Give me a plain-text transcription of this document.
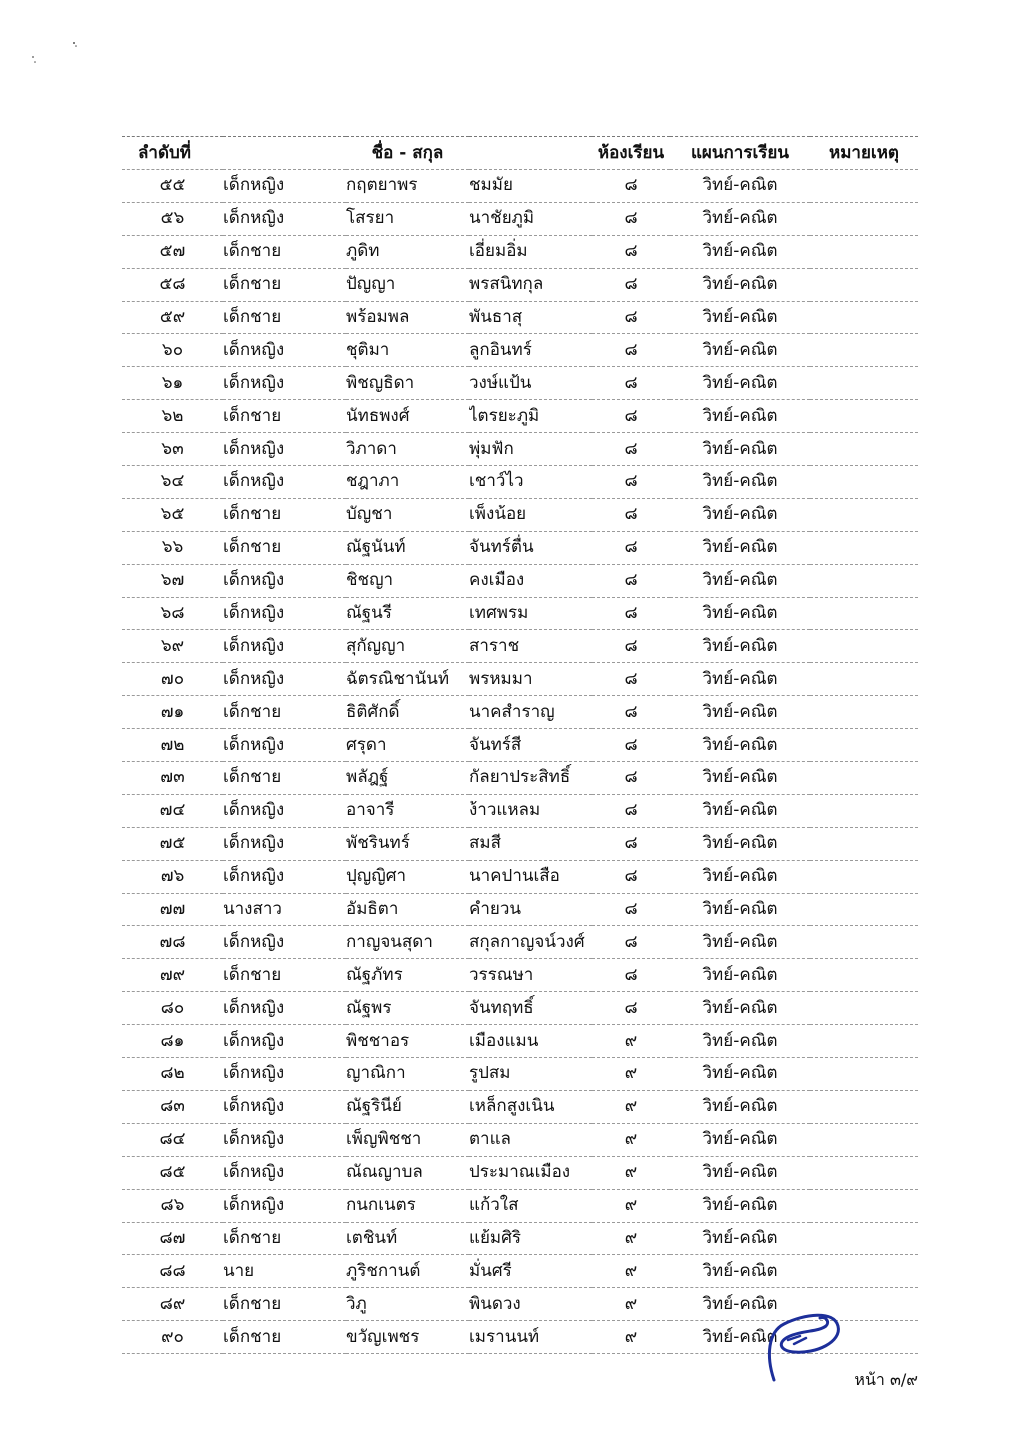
ลำดับที่	ชื่อ - สกุล			ห้องเรียน	แผนการเรียน	หมายเหตุ
๕๕	เด็กหญิง	กฤตยาพร	ชมมัย	๘	วิทย์-คณิต	
๕๖	เด็กหญิง	โสรยา	นาชัยภูมิ	๘	วิทย์-คณิต	
๕๗	เด็กชาย	ภูดิท	เอี่ยมอิ่ม	๘	วิทย์-คณิต	
๕๘	เด็กชาย	ปัญญา	พรสนิทกุล	๘	วิทย์-คณิต	
๕๙	เด็กชาย	พร้อมพล	พันธาสุ	๘	วิทย์-คณิต	
๖๐	เด็กหญิง	ชุติมา	ลูกอินทร์	๘	วิทย์-คณิต	
๖๑	เด็กหญิง	พิชญธิดา	วงษ์แป้น	๘	วิทย์-คณิต	
๖๒	เด็กชาย	นัทธพงศ์	ไตรยะภูมิ	๘	วิทย์-คณิต	
๖๓	เด็กหญิง	วิภาดา	พุ่มฟัก	๘	วิทย์-คณิต	
๖๔	เด็กหญิง	ชฎาภา	เชาว์ไว	๘	วิทย์-คณิต	
๖๕	เด็กชาย	บัญชา	เพ็งน้อย	๘	วิทย์-คณิต	
๖๖	เด็กชาย	ณัฐนันท์	จันทร์ตื่น	๘	วิทย์-คณิต	
๖๗	เด็กหญิง	ชิชญา	คงเมือง	๘	วิทย์-คณิต	
๖๘	เด็กหญิง	ณัฐนรี	เทศพรม	๘	วิทย์-คณิต	
๖๙	เด็กหญิง	สุกัญญา	สาราช	๘	วิทย์-คณิต	
๗๐	เด็กหญิง	ฉัตรณิชานันท์	พรหมมา	๘	วิทย์-คณิต	
๗๑	เด็กชาย	ธิติศักดิ์	นาคสำราญ	๘	วิทย์-คณิต	
๗๒	เด็กหญิง	ศรุดา	จันทร์สี	๘	วิทย์-คณิต	
๗๓	เด็กชาย	พลัฎฐ์	กัลยาประสิทธิ์	๘	วิทย์-คณิต	
๗๔	เด็กหญิง	อาจารี	ง้าวแหลม	๘	วิทย์-คณิต	
๗๕	เด็กหญิง	พัชรินทร์	สมสี	๘	วิทย์-คณิต	
๗๖	เด็กหญิง	ปุญญิศา	นาคปานเสือ	๘	วิทย์-คณิต	
๗๗	นางสาว	อัมธิตา	คำยวน	๘	วิทย์-คณิต	
๗๘	เด็กหญิง	กาญจนสุดา	สกุลกาญจน์วงศ์	๘	วิทย์-คณิต	
๗๙	เด็กชาย	ณัฐภัทร	วรรณษา	๘	วิทย์-คณิต	
๘๐	เด็กหญิง	ณัฐพร	จันทฤทธิ์	๘	วิทย์-คณิต	
๘๑	เด็กหญิง	พิชชาอร	เมืองแมน	๙	วิทย์-คณิต	
๘๒	เด็กหญิง	ญาณิกา	รูปสม	๙	วิทย์-คณิต	
๘๓	เด็กหญิง	ณัฐรินีย์	เหล็กสูงเนิน	๙	วิทย์-คณิต	
๘๔	เด็กหญิง	เพ็ญพิชชา	ตาแล	๙	วิทย์-คณิต	
๘๕	เด็กหญิง	ณัณญาบล	ประมาณเมือง	๙	วิทย์-คณิต	
๘๖	เด็กหญิง	กนกเนตร	แก้วใส	๙	วิทย์-คณิต	
๘๗	เด็กชาย	เตชินท์	แย้มศิริ	๙	วิทย์-คณิต	
๘๘	นาย	ภูริชกานต์	มั่นศรี	๙	วิทย์-คณิต	
๘๙	เด็กชาย	วิภู	พินดวง	๙	วิทย์-คณิต	
๙๐	เด็กชาย	ขวัญเพชร	เมรานนท์	๙	วิทย์-คณิต	
หน้า ๓/๙
